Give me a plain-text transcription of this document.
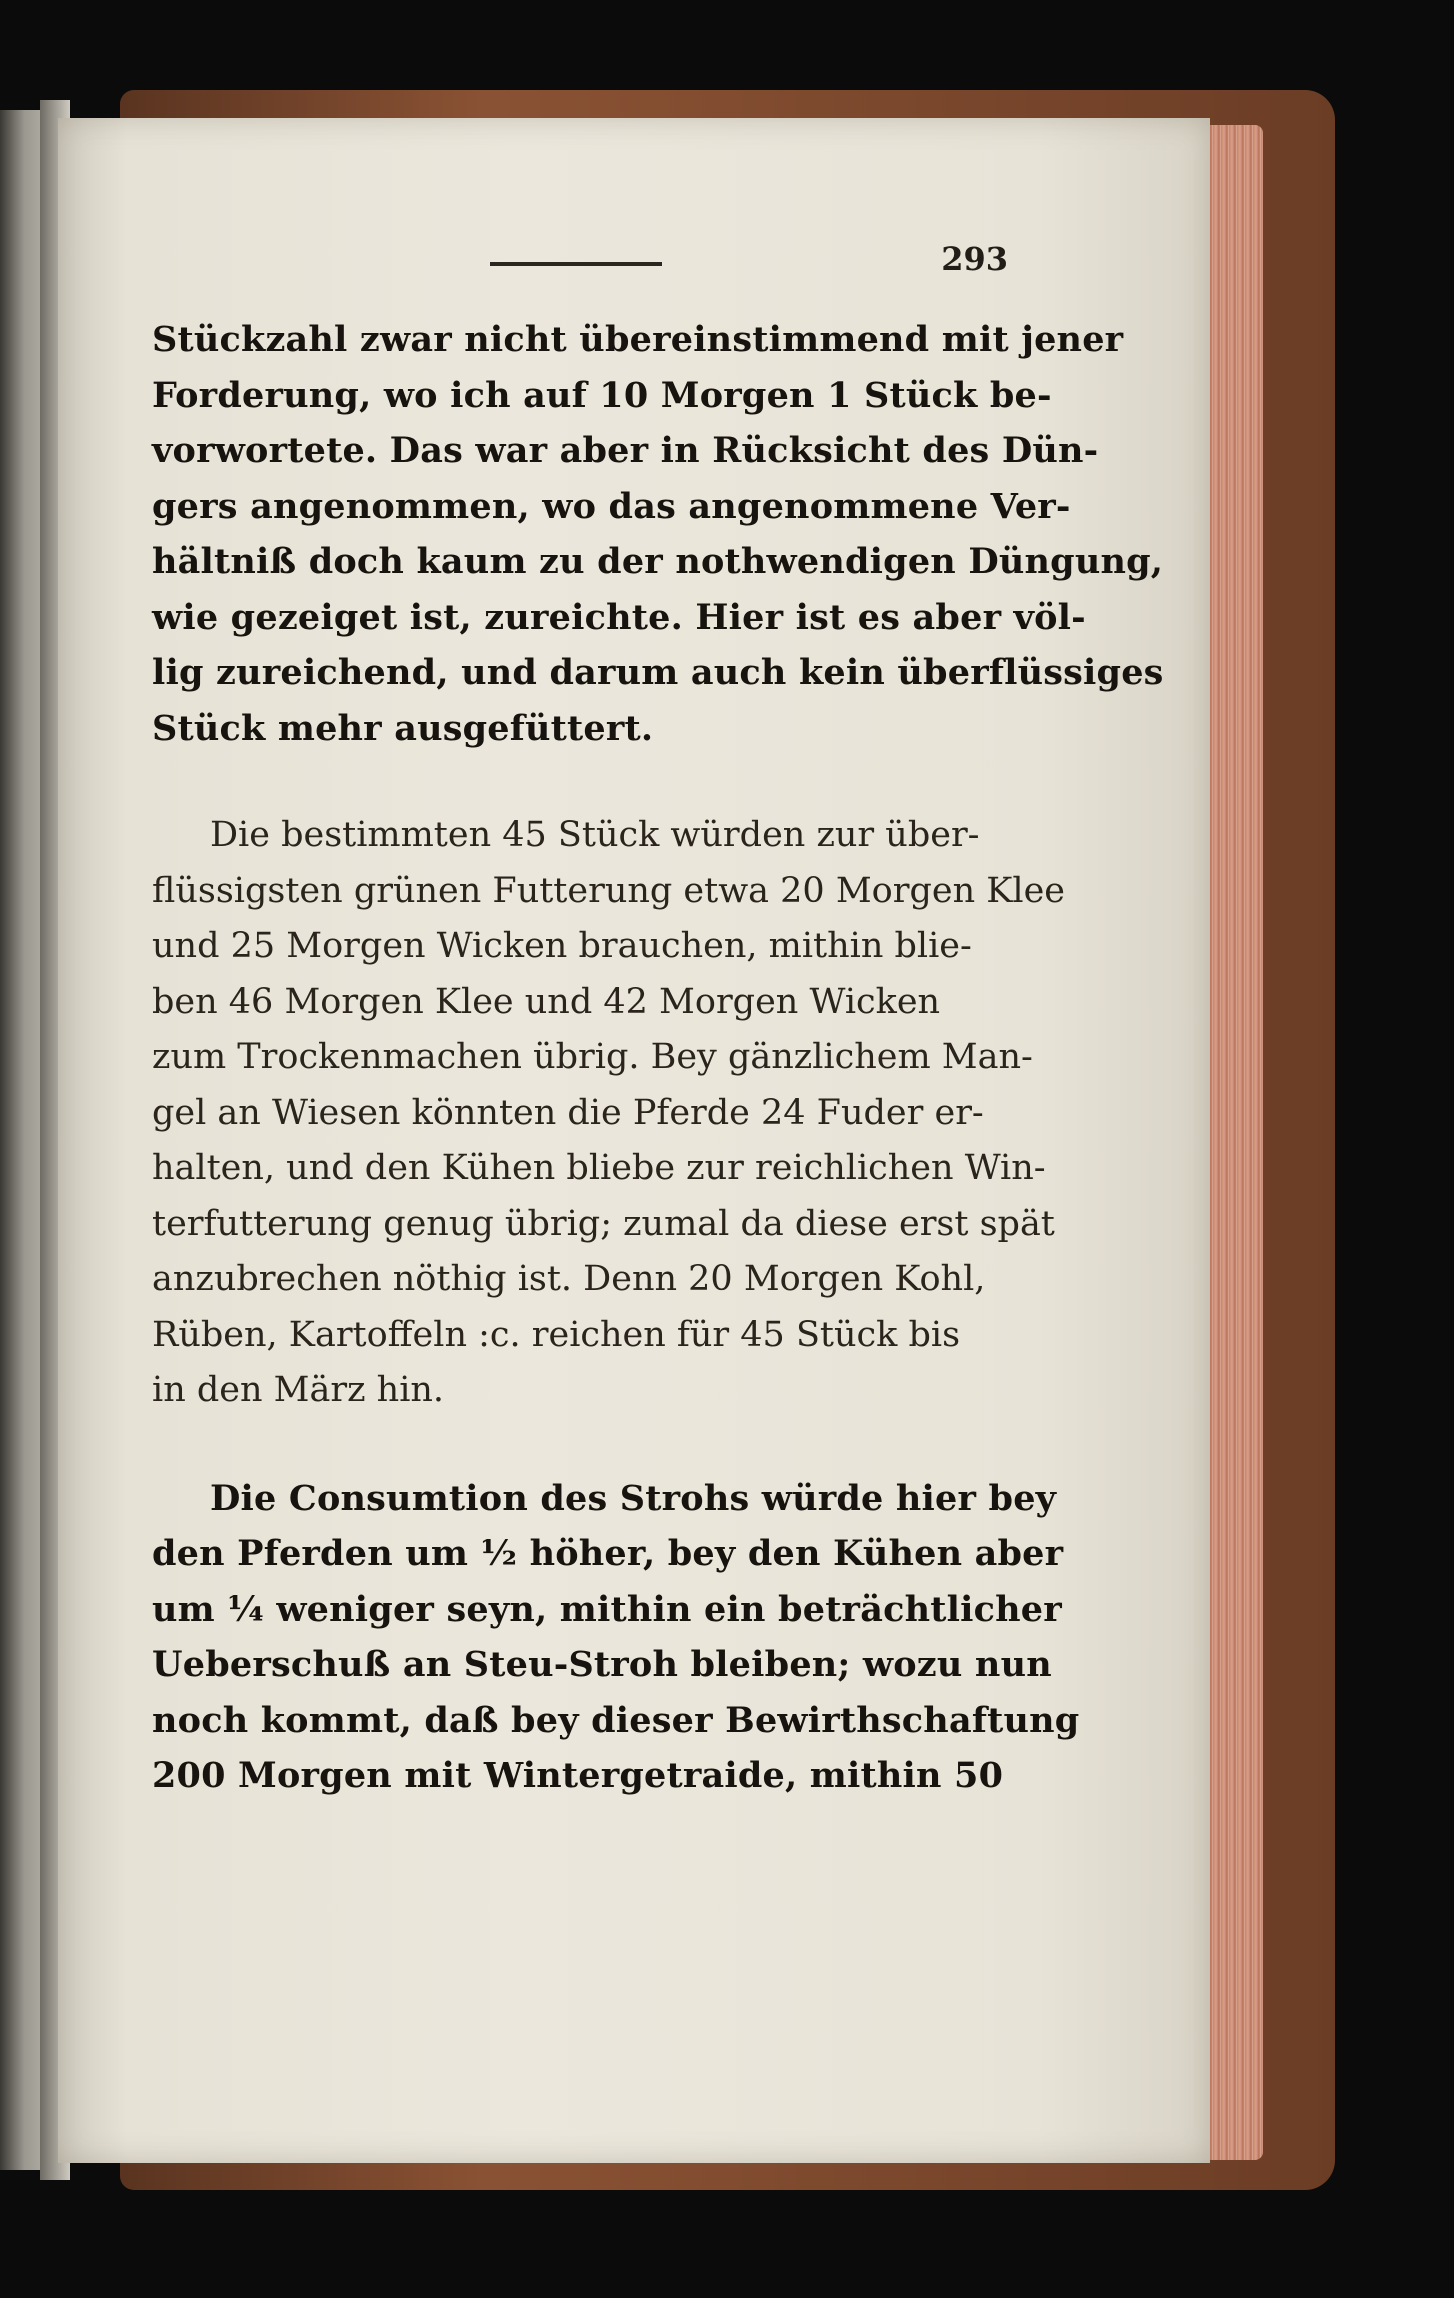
293

Stückzahl zwar nicht übereinstimmend mit jener
Forderung, wo ich auf 10 Morgen 1 Stück be-
vorwortete. Das war aber in Rücksicht des Dün-
gers angenommen, wo das angenommene Ver-
hältniß doch kaum zu der nothwendigen Düngung,
wie gezeiget ist, zureichte. Hier ist es aber völ-
lig zureichend, und darum auch kein überflüssiges
Stück mehr ausgefüttert.

Die bestimmten 45 Stück würden zur über-
flüssigsten grünen Futterung etwa 20 Morgen Klee
und 25 Morgen Wicken brauchen, mithin blie-
ben 46 Morgen Klee und 42 Morgen Wicken
zum Trockenmachen übrig. Bey gänzlichem Man-
gel an Wiesen könnten die Pferde 24 Fuder er-
halten, und den Kühen bliebe zur reichlichen Win-
terfutterung genug übrig; zumal da diese erst spät
anzubrechen nöthig ist. Denn 20 Morgen Kohl,
Rüben, Kartoffeln :c. reichen für 45 Stück bis
in den März hin.

Die Consumtion des Strohs würde hier bey
den Pferden um ½ höher, bey den Kühen aber
um ¼ weniger seyn, mithin ein beträchtlicher
Ueberschuß an Steu-Stroh bleiben; wozu nun
noch kommt, daß bey dieser Bewirthschaftung
200 Morgen mit Wintergetraide, mithin 50
